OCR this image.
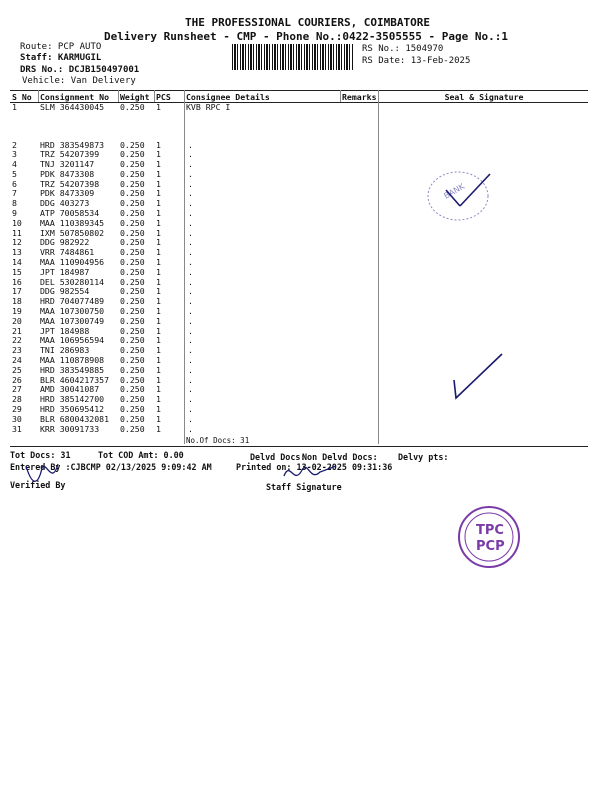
THE PROFESSIONAL COURIERS, COIMBATORE
Delivery Runsheet - CMP - Phone No.:0422-3505555 - Page No.:1
Route: PCP AUTO
Staff: KARMUGIL
DRS No.: DCJB150497001
Vehicle: Van Delivery
RS No.: 1504970
RS Date: 13-Feb-2025
S No	Consignment No	Weight	PCS	Consignee Details	Remarks	Seal & Signature
1	SLM 364430045	0.250	1	KVB RPC I		
2	HRD 383549873	0.250	1	.		
3	TRZ 54207399	0.250	1	.		
4	TNJ 3201147	0.250	1	.		
5	PDK 8473308	0.250	1	.		
6	TRZ 54207398	0.250	1	.		
7	PDK 8473309	0.250	1	.		
8	DDG 403273	0.250	1	.		
9	ATP 70058534	0.250	1	.		
10	MAA 110389345	0.250	1	.		
11	IXM 507850802	0.250	1	.		
12	DDG 982922	0.250	1	.		
13	VRR 7484861	0.250	1	.		
14	MAA 110904956	0.250	1	.		
15	JPT 184987	0.250	1	.		
16	DEL 530280114	0.250	1	.		
17	DDG 982554	0.250	1	.		
18	HRD 704077489	0.250	1	.		
19	MAA 107300750	0.250	1	.		
20	MAA 107300749	0.250	1	.		
21	JPT 184988	0.250	1	.		
22	MAA 106956594	0.250	1	.		
23	TNI 286983	0.250	1	.		
24	MAA 110878908	0.250	1	.		
25	HRD 383549885	0.250	1	.		
26	BLR 4604217357	0.250	1	.		
27	AMD 30041087	0.250	1	.		
28	HRD 385142700	0.250	1	.		
29	HRD 350695412	0.250	1	.		
30	BLR 6800432081	0.250	1	.		
31	KRR 30091733	0.250	1	.		
No.Of Docs: 31
Tot Docs: 31	Tot COD Amt: 0.00	Delvd Docs:
Non Delvd Docs: Delvy pts:
Entered By :CJBCMP 02/13/2025 9:09:42 AM	Printed on: 13-02-2025 09:31:36
Verified By	Staff Signature
BANK
TPC
PCP
